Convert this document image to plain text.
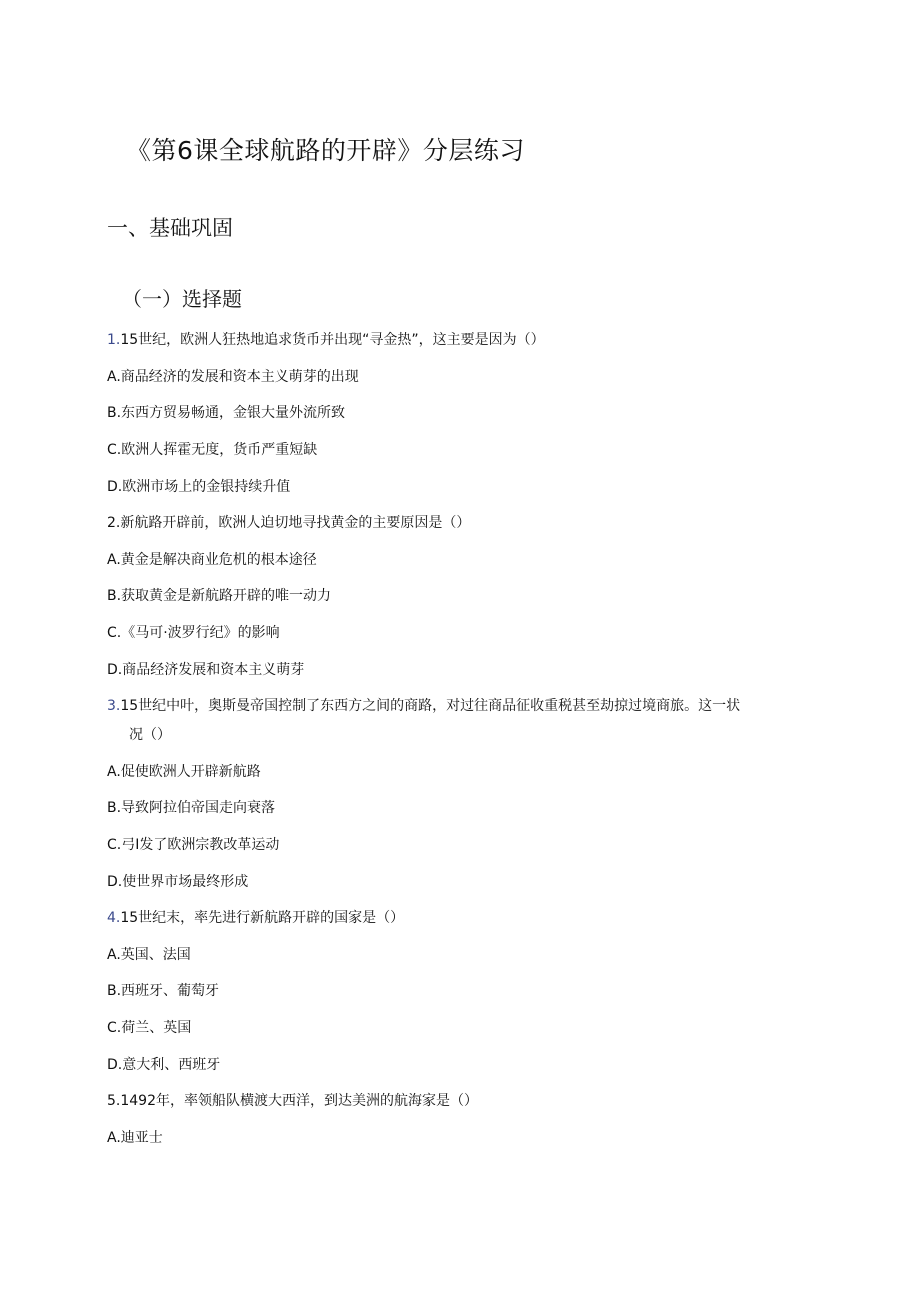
《第6课全球航路的开辟》分层练习
一、基础巩固
（一）选择题
1.15世纪，欧洲人狂热地追求货币并出现“寻金热”，这主要是因为（）
A.商品经济的发展和资本主义萌芽的出现
B.东西方贸易畅通，金银大量外流所致
C.欧洲人挥霍无度，货币严重短缺
D.欧洲市场上的金银持续升值
2.新航路开辟前，欧洲人迫切地寻找黄金的主要原因是（）
A.黄金是解决商业危机的根本途径
B.获取黄金是新航路开辟的唯一动力
C.《马可·波罗行纪》的影响
D.商品经济发展和资本主义萌芽
3.15世纪中叶，奥斯曼帝国控制了东西方之间的商路，对过往商品征收重税甚至劫掠过境商旅。这一状
况（）
A.促使欧洲人开辟新航路
B.导致阿拉伯帝国走向衰落
C.弓I发了欧洲宗教改革运动
D.使世界市场最终形成
4.15世纪末，率先进行新航路开辟的国家是（）
A.英国、法国
B.西班牙、葡萄牙
C.荷兰、英国
D.意大利、西班牙
5.1492年，率领船队横渡大西洋，到达美洲的航海家是（）
A.迪亚士
